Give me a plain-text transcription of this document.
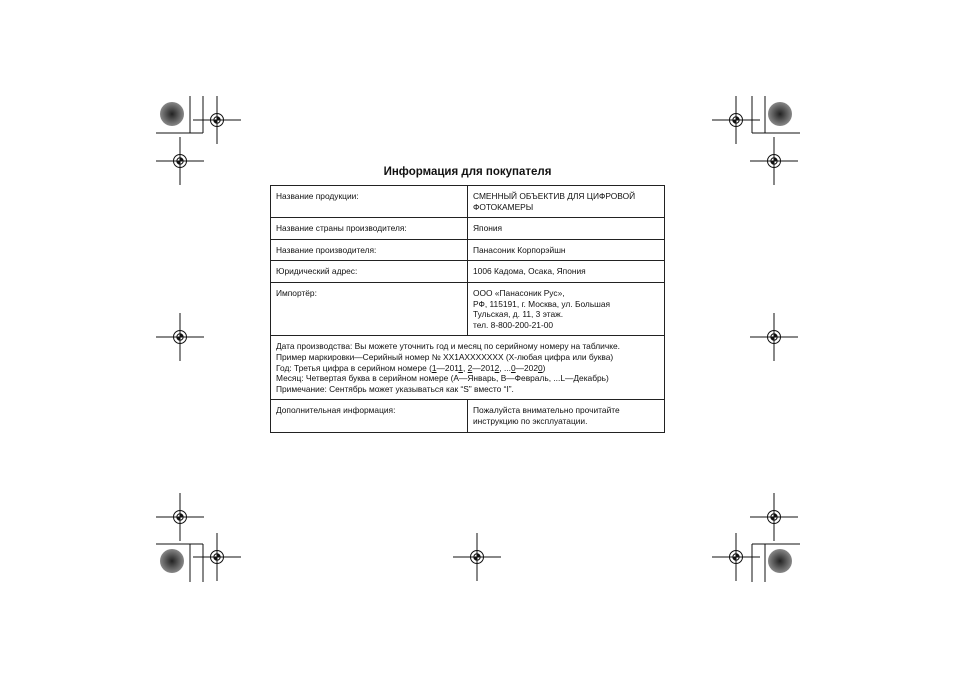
Информация для покупателя
Название продукции:	СМЕННЫЙ ОБЪЕКТИВ ДЛЯ ЦИФРОВОЙ
ФОТОКАМЕРЫ

Название страны производителя:	Япония

Название производителя:	Панасоник Корпорэйшн

Юридический адрес:	1006 Кадома, Осака, Япония

Импортёр:	ООО «Панасоник Рус»,
РФ, 115191, г. Москва, ул. Большая
Тульская, д. 11, 3 этаж.
тел. 8-800-200-21-00

Дата производства: Вы можете уточнить год и месяц по серийному номеру на табличке.
Пример маркировки—Серийный номер № XX1AXXXXXXX (X-любая цифра или буква)
Год: Третья цифра в серийном номере (1—2011, 2—2012, ...0—2020)
Месяц: Четвертая буква в серийном номере (A—Январь, B—Февраль, ...L—Декабрь)
Примечание: Сентябрь может указываться как “S” вместо “I”.	

Дополнительная информация:	Пожалуйста внимательно прочитайте
инструкцию по эксплуатации.
